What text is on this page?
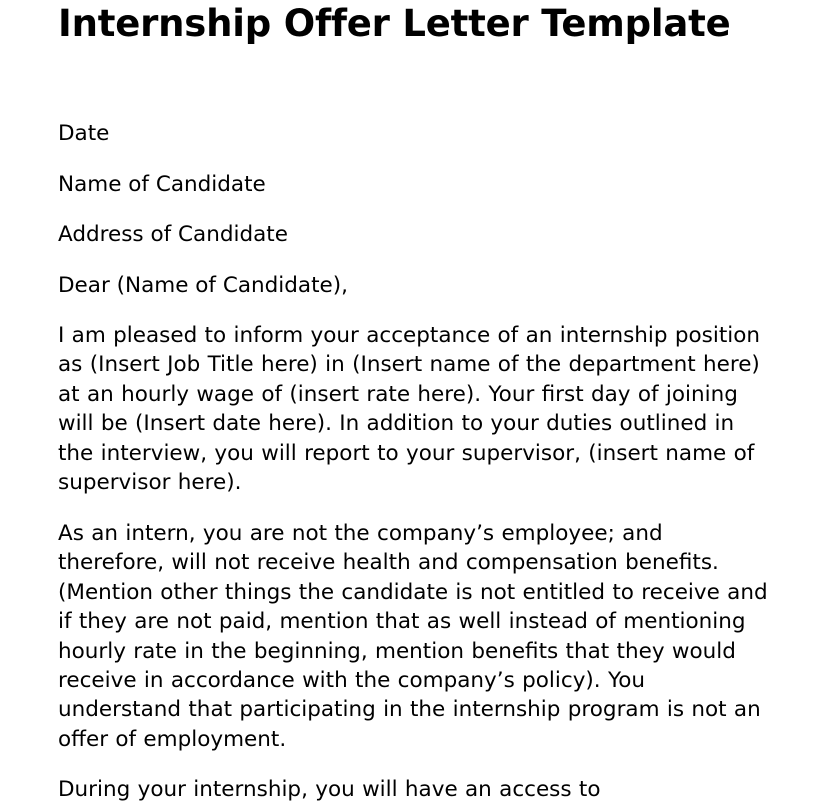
Internship Offer Letter Template

Date

Name of Candidate

Address of Candidate

Dear (Name of Candidate),

I am pleased to inform your acceptance of an internship position as (Insert Job Title here) in (Insert name of the department here) at an hourly wage of (insert rate here). Your first day of joining will be (Insert date here). In addition to your duties outlined in the interview, you will report to your supervisor, (insert name of supervisor here).

As an intern, you are not the company’s employee; and therefore, will not receive health and compensation benefits. (Mention other things the candidate is not entitled to receive and if they are not paid, mention that as well instead of mentioning hourly rate in the beginning, mention benefits that they would receive in accordance with the company’s policy). You understand that participating in the internship program is not an offer of employment.

During your internship, you will have an access to
